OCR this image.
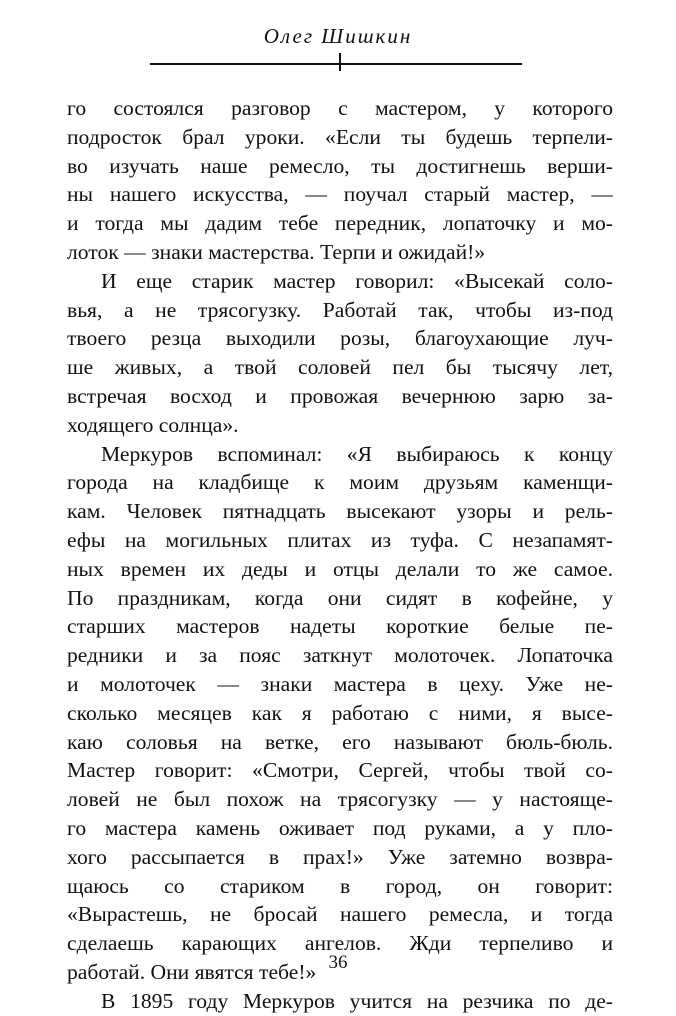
Олег Шишкин
го состоялся разговор с мастером, у которого
подросток брал уроки. «Если ты будешь терпели-
во изучать наше ремесло, ты достигнешь верши-
ны нашего искусства, — поучал старый мастер, —
и тогда мы дадим тебе передник, лопаточку и мо-
лоток — знаки мастерства. Терпи и ожидай!»
И еще старик мастер говорил: «Высекай соло-
вья, а не трясогузку. Работай так, чтобы из-под
твоего резца выходили розы, благоухающие луч-
ше живых, а твой соловей пел бы тысячу лет,
встречая восход и провожая вечернюю зарю за-
ходящего солнца».
Меркуров вспоминал: «Я выбираюсь к концу
города на кладбище к моим друзьям каменщи-
кам. Человек пятнадцать высекают узоры и рель-
ефы на могильных плитах из туфа. С незапамят-
ных времен их деды и отцы делали то же самое.
По праздникам, когда они сидят в кофейне, у
старших мастеров надеты короткие белые пе-
редники и за пояс заткнут молоточек. Лопаточка
и молоточек — знаки мастера в цеху. Уже не-
сколько месяцев как я работаю с ними, я высе-
каю соловья на ветке, его называют бюль-бюль.
Мастер говорит: «Смотри, Сергей, чтобы твой со-
ловей не был похож на трясогузку — у настояще-
го мастера камень оживает под руками, а у пло-
хого рассыпается в прах!» Уже затемно возвра-
щаюсь со стариком в город, он говорит:
«Вырастешь, не бросай нашего ремесла, и тогда
сделаешь карающих ангелов. Жди терпеливо и
работай. Они явятся тебе!»
В 1895 году Меркуров учится на резчика по де-
36
